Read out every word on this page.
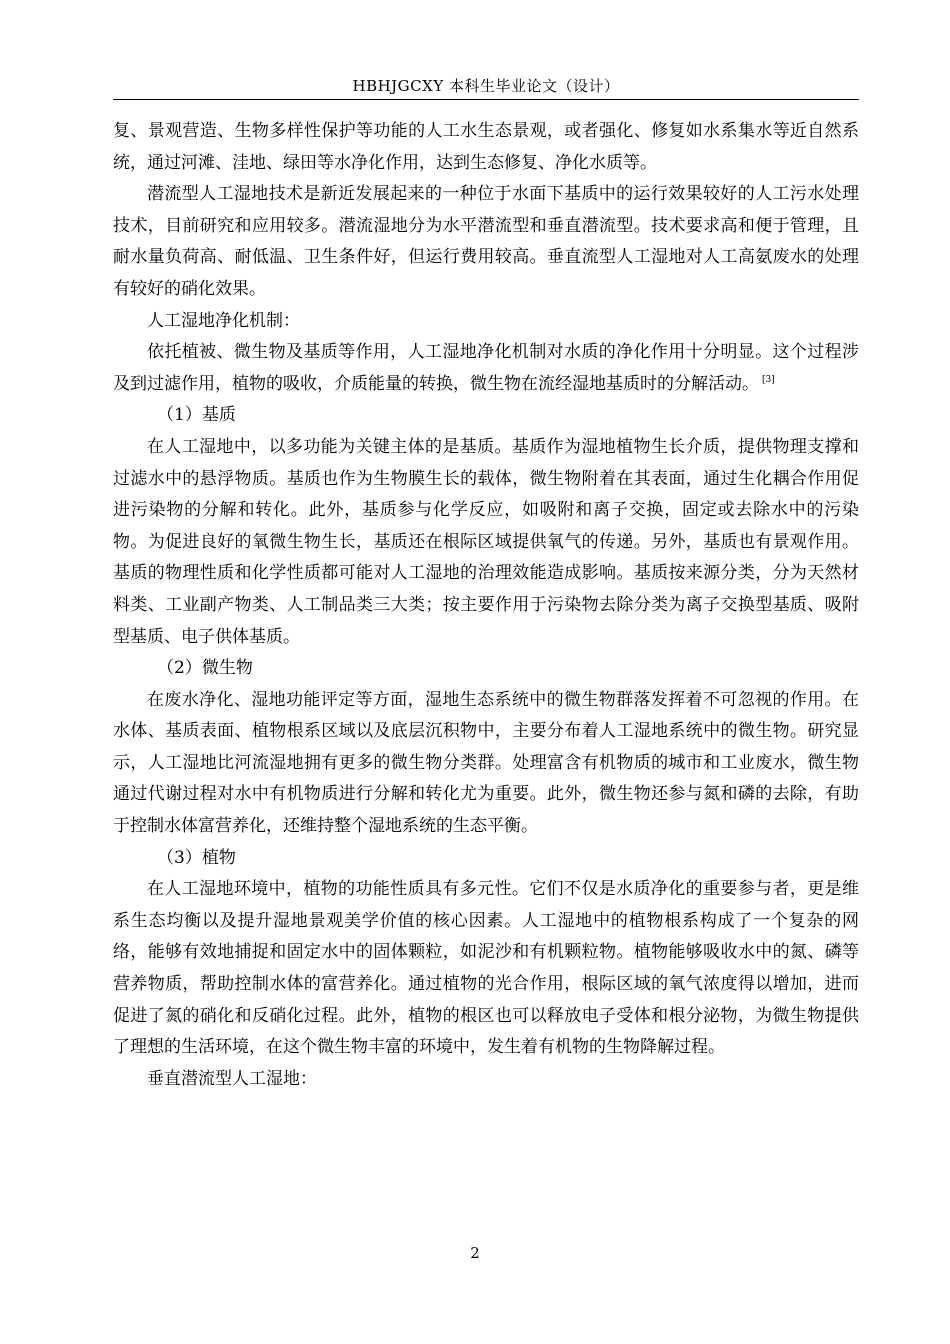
HBHJGCXY 本科生毕业论文（设计）

复、景观营造、生物多样性保护等功能的人工水生态景观，或者强化、修复如水系集水等近自然系统，通过河滩、洼地、绿田等水净化作用，达到生态修复、净化水质等。

潜流型人工湿地技术是新近发展起来的一种位于水面下基质中的运行效果较好的人工污水处理技术，目前研究和应用较多。潜流湿地分为水平潜流型和垂直潜流型。技术要求高和便于管理，且耐水量负荷高、耐低温、卫生条件好，但运行费用较高。垂直流型人工湿地对人工高氨废水的处理有较好的硝化效果。

人工湿地净化机制：

依托植被、微生物及基质等作用，人工湿地净化机制对水质的净化作用十分明显。这个过程涉及到过滤作用，植物的吸收，介质能量的转换，微生物在流经湿地基质时的分解活动。 [3]

（1）基质

在人工湿地中，以多功能为关键主体的是基质。基质作为湿地植物生长介质，提供物理支撑和过滤水中的悬浮物质。基质也作为生物膜生长的载体，微生物附着在其表面，通过生化耦合作用促进污染物的分解和转化。此外，基质参与化学反应，如吸附和离子交换，固定或去除水中的污染物。为促进良好的氧微生物生长，基质还在根际区域提供氧气的传递。另外，基质也有景观作用。基质的物理性质和化学性质都可能对人工湿地的治理效能造成影响。基质按来源分类，分为天然材料类、工业副产物类、人工制品类三大类；按主要作用于污染物去除分类为离子交换型基质、吸附型基质、电子供体基质。

（2）微生物

在废水净化、湿地功能评定等方面，湿地生态系统中的微生物群落发挥着不可忽视的作用。在水体、基质表面、植物根系区域以及底层沉积物中，主要分布着人工湿地系统中的微生物。研究显示，人工湿地比河流湿地拥有更多的微生物分类群。处理富含有机物质的城市和工业废水，微生物通过代谢过程对水中有机物质进行分解和转化尤为重要。此外，微生物还参与氮和磷的去除，有助于控制水体富营养化，还维持整个湿地系统的生态平衡。

（3）植物

在人工湿地环境中，植物的功能性质具有多元性。它们不仅是水质净化的重要参与者，更是维系生态均衡以及提升湿地景观美学价值的核心因素。人工湿地中的植物根系构成了一个复杂的网络，能够有效地捕捉和固定水中的固体颗粒，如泥沙和有机颗粒物。植物能够吸收水中的氮、磷等营养物质，帮助控制水体的富营养化。通过植物的光合作用，根际区域的氧气浓度得以增加，进而促进了氮的硝化和反硝化过程。此外，植物的根区也可以释放电子受体和根分泌物，为微生物提供了理想的生活环境，在这个微生物丰富的环境中，发生着有机物的生物降解过程。

垂直潜流型人工湿地：

2
